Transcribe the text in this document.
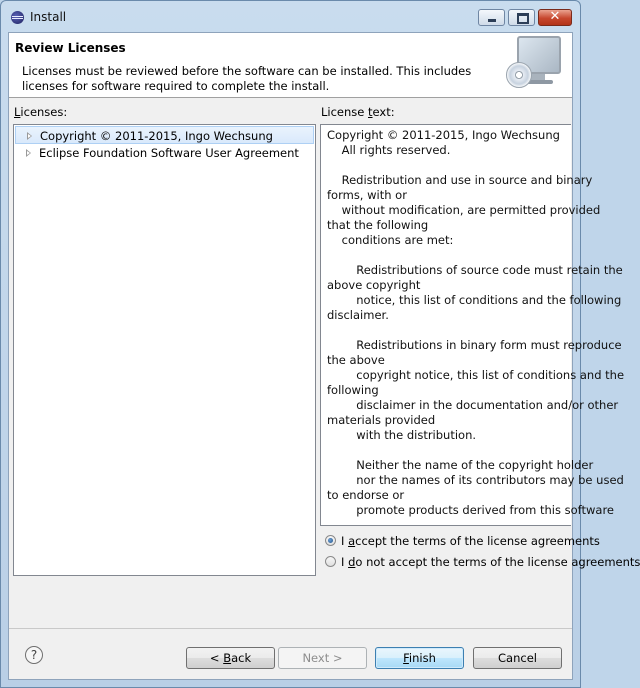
Install	✕
Review Licenses
Licenses must be reviewed before the software can be installed. This includes licenses for software required to complete the install.
Licenses:	License text:
Copyright © 2011-2015, Ingo Wechsung
Eclipse Foundation Software User Agreement
Copyright © 2011-2015, Ingo Wechsung
All rights reserved.

Redistribution and use in source and binary
forms, with or
without modification, are permitted provided
that the following
conditions are met:

Redistributions of source code must retain the
above copyright
notice, this list of conditions and the following
disclaimer.

Redistributions in binary form must reproduce
the above
copyright notice, this list of conditions and the
following
disclaimer in the documentation and/or other
materials provided
with the distribution.

Neither the name of the copyright holder
nor the names of its contributors may be used
to endorse or
promote products derived from this software
I accept the terms of the license agreements
I do not accept the terms of the license agreements
?	< Back	Next >	Finish	Cancel
